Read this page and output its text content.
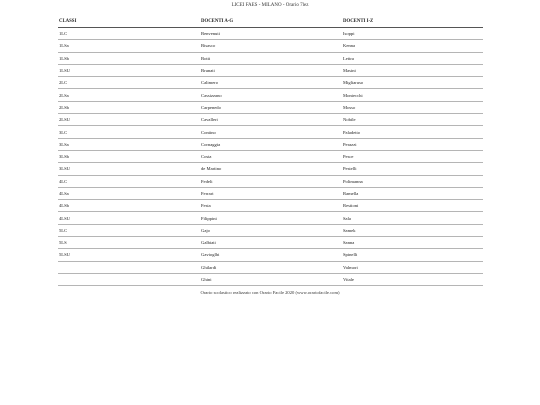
LICEI FAES - MILANO - Orario 7lez
CLASSI	DOCENTI A-G	DOCENTI I-Z
1LC	Benvenuti	Isoppi
1LSa	Bisasco	Kenna
1LSb	Botti	Lettra
1LSU	Brunati	Masini
2LC	Calimero	Migliaruso
2LSa	Cassizzano	Montecchi
2LSb	Carpenedo	Mosso
2LSU	Cavalleri	Nobile
3LC	Contino	Paladetto
3LSa	Cornaggia	Perazzi
3LSb	Costa	Pesce
3LSU	de Martino	Pestelli
4LC	Fedeli	Polimanna
4LSa	Ferrari	Ramella
4LSb	Festa	Restioni
4LSU	Filippini	Sala
5LC	Gajo	Samek
5LS	Galbiati	Sanna
5LSU	Gavioglhi	Spinelli
	Ghilardi	Valmori
	Ghini	Vitale
Orario scolastico realizzato con Orario Facile 2020 (www.orariofacile.com)
